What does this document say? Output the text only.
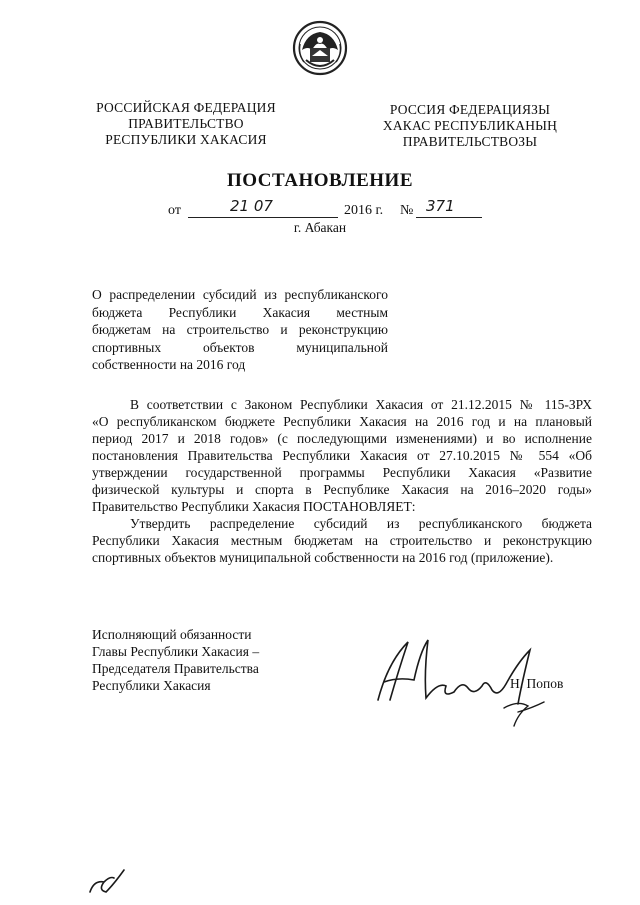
РОССИЙСКАЯ ФЕДЕРАЦИЯ
ПРАВИТЕЛЬСТВО
РЕСПУБЛИКИ ХАКАСИЯ
РОССИЯ ФЕДЕРАЦИЯЗЫ
ХАКАС РЕСПУБЛИКАНЫҢ
ПРАВИТЕЛЬСТВОЗЫ
ПОСТАНОВЛЕНИЕ
от	21 07	2016 г. № 371
г. Абакан
О распределении субсидий из республиканского
бюджета Республики Хакасия местным
бюджетам на строительство и реконструкцию
спортивных объектов муниципальной
собственности на 2016 год
В соответствии с Законом Республики Хакасия от 21.12.2015 № 115-ЗРХ
«О республиканском бюджете Республики Хакасия на 2016 год и на плановый
период 2017 и 2018 годов» (с последующими изменениями) и во исполнение
постановления Правительства Республики Хакасия от 27.10.2015 № 554 «Об
утверждении государственной программы Республики Хакасия «Развитие
физической культуры и спорта в Республике Хакасия на 2016–2020 годы»
Правительство Республики Хакасия ПОСТАНОВЛЯЕТ:
Утвердить распределение субсидий из республиканского бюджета
Республики Хакасия местным бюджетам на строительство и реконструкцию
спортивных объектов муниципальной собственности на 2016 год (приложение).
Исполняющий обязанности
Главы Республики Хакасия –
Председателя Правительства
Республики Хакасия	Н. Попов
